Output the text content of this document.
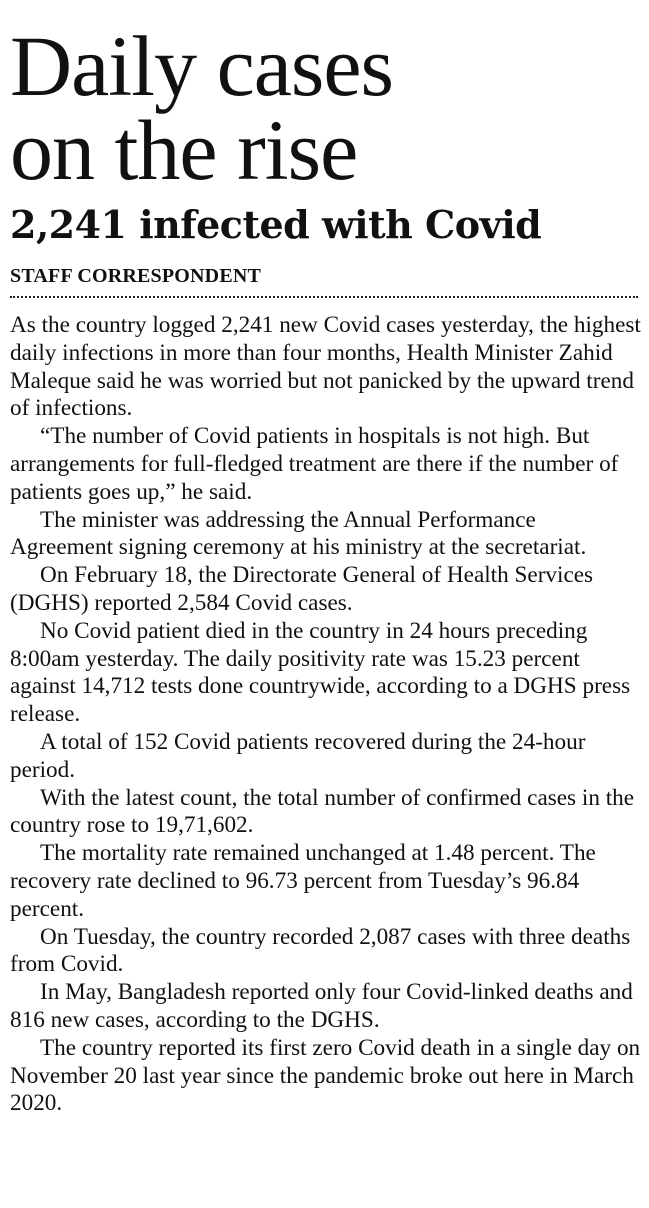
Daily cases
on the rise
2,241 infected with Covid
STAFF CORRESPONDENT

As the country logged 2,241 new Covid cases yesterday, the highest daily infections in more than four months, Health Minister Zahid Maleque said he was worried but not panicked by the upward trend of infections.

“The number of Covid patients in hospitals is not high. But arrangements for full-fledged treatment are there if the number of patients goes up,” he said.

The minister was addressing the Annual Performance Agreement signing ceremony at his ministry at the secretariat.

On February 18, the Directorate General of Health Services (DGHS) reported 2,584 Covid cases.

No Covid patient died in the country in 24 hours preceding 8:00am yesterday. The daily positivity rate was 15.23 percent against 14,712 tests done countrywide, according to a DGHS press release.

A total of 152 Covid patients recovered during the 24-hour period.

With the latest count, the total number of confirmed cases in the country rose to 19,71,602.

The mortality rate remained unchanged at 1.48 percent. The recovery rate declined to 96.73 percent from Tuesday’s 96.84 percent.

On Tuesday, the country recorded 2,087 cases with three deaths from Covid.

In May, Bangladesh reported only four Covid-linked deaths and 816 new cases, according to the DGHS.

The country reported its first zero Covid death in a single day on November 20 last year since the pandemic broke out here in March 2020.
